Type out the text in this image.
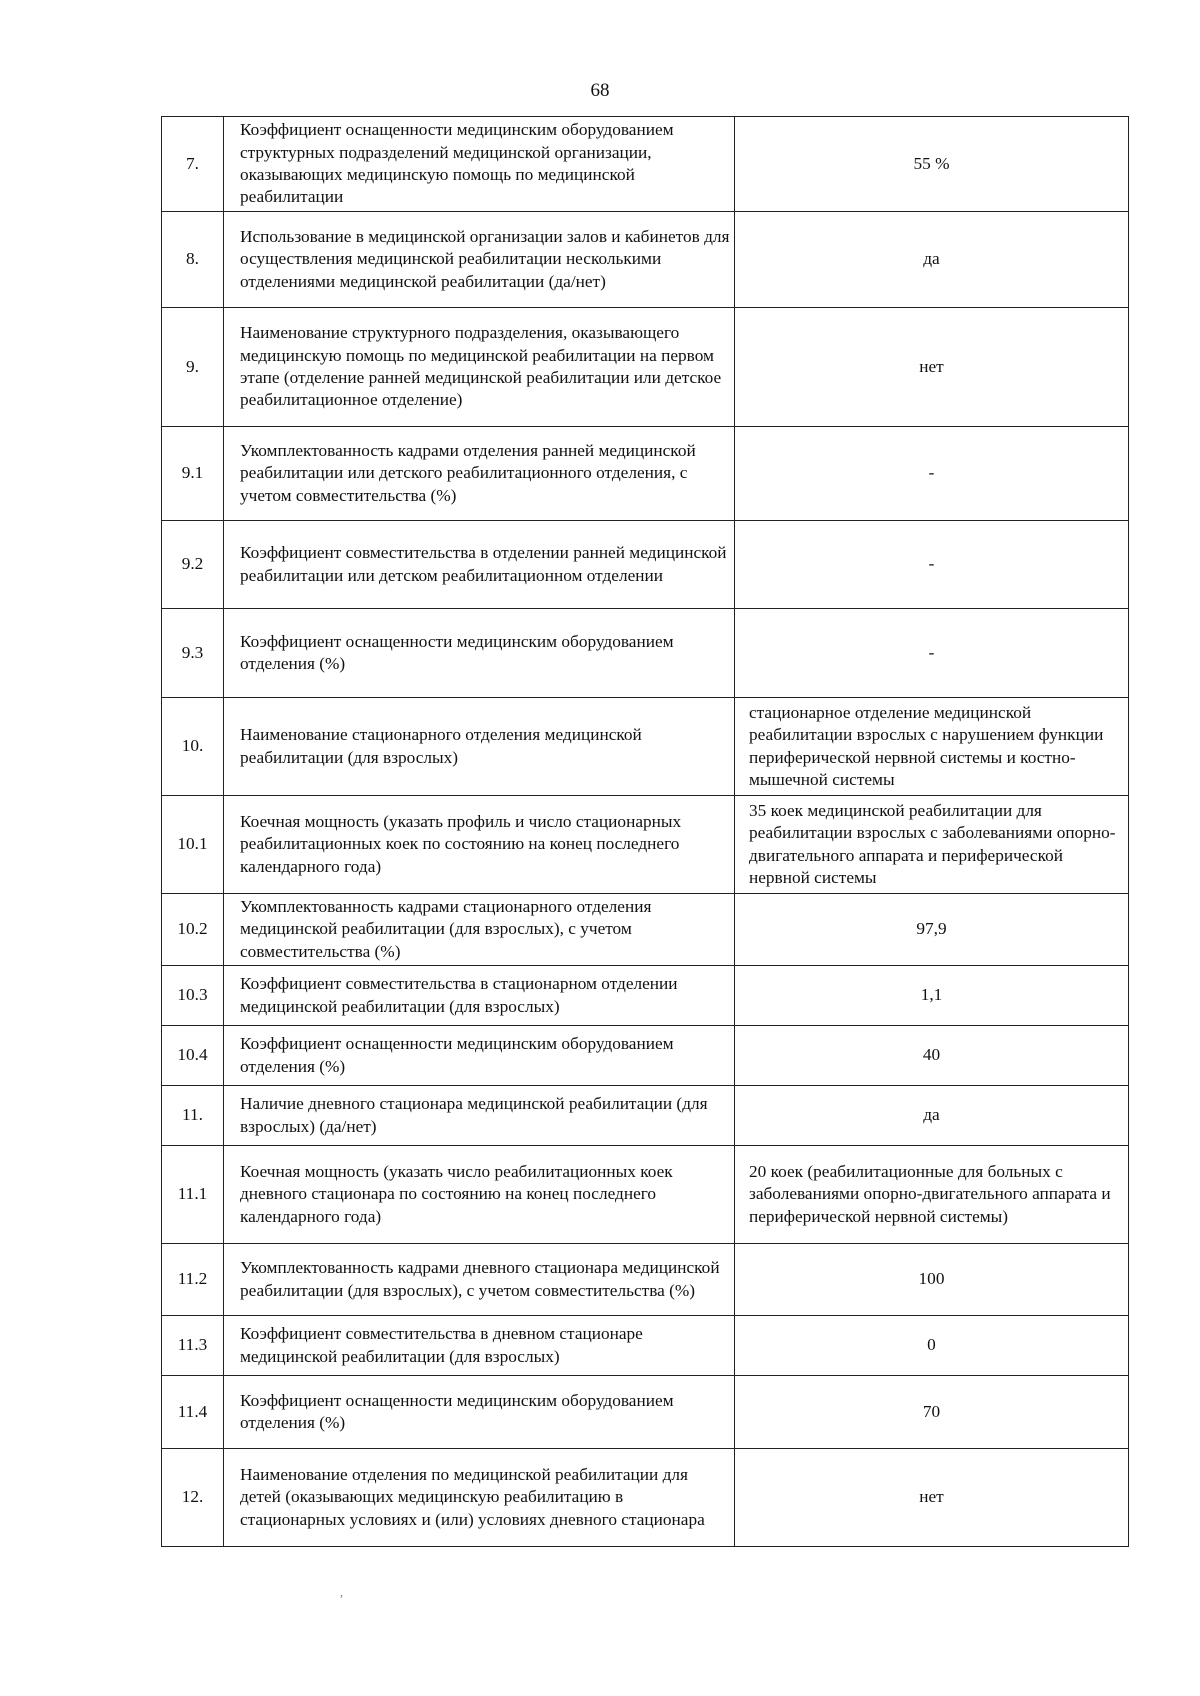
68
7.	Коэффициент оснащенности медицинским оборудованием структурных подразделений медицинской организации, оказывающих медицинскую помощь по медицинской реабилитации	55 %
8.	Использование в медицинской организации залов и кабинетов для осуществления медицинской реабилитации несколькими отделениями медицинской реабилитации (да/нет)	да
9.	Наименование структурного подразделения, оказывающего медицинскую помощь по медицинской реабилитации на первом этапе (отделение ранней медицинской реабилитации или детское реабилитационное отделение)	нет
9.1	Укомплектованность кадрами отделения ранней медицинской реабилитации или детского реабилитационного отделения, с учетом совместительства (%)	-
9.2	Коэффициент совместительства в отделении ранней медицинской реабилитации или детском реабилитационном отделении	-
9.3	Коэффициент оснащенности медицинским оборудованием отделения (%)	-
10.	Наименование стационарного отделения медицинской реабилитации (для взрослых)	стационарное отделение медицинской реабилитации взрослых с нарушением функции периферической нервной системы и костно-мышечной системы
10.1	Коечная мощность (указать профиль и число стационарных реабилитационных коек по состоянию на конец последнего календарного года)	35 коек медицинской реабилитации для реабилитации взрослых с заболеваниями опорно-двигательного аппарата и периферической нервной системы
10.2	Укомплектованность кадрами стационарного отделения медицинской реабилитации (для взрослых), с учетом совместительства (%)	97,9
10.3	Коэффициент совместительства в стационарном отделении медицинской реабилитации (для взрослых)	1,1
10.4	Коэффициент оснащенности медицинским оборудованием отделения (%)	40
11.	Наличие дневного стационара медицинской реабилитации (для взрослых) (да/нет)	да
11.1	Коечная мощность (указать число реабилитационных коек дневного стационара по состоянию на конец последнего календарного года)	20 коек (реабилитационные для больных с заболеваниями опорно-двигательного аппарата и периферической нервной системы)
11.2	Укомплектованность кадрами дневного стационара медицинской реабилитации (для взрослых), с учетом совместительства (%)	100
11.3	Коэффициент совместительства в дневном стационаре медицинской реабилитации (для взрослых)	0
11.4	Коэффициент оснащенности медицинским оборудованием отделения (%)	70
12.	Наименование отделения по медицинской реабилитации для детей (оказывающих медицинскую реабилитацию в стационарных условиях и (или) условиях дневного стационара	нет
,
